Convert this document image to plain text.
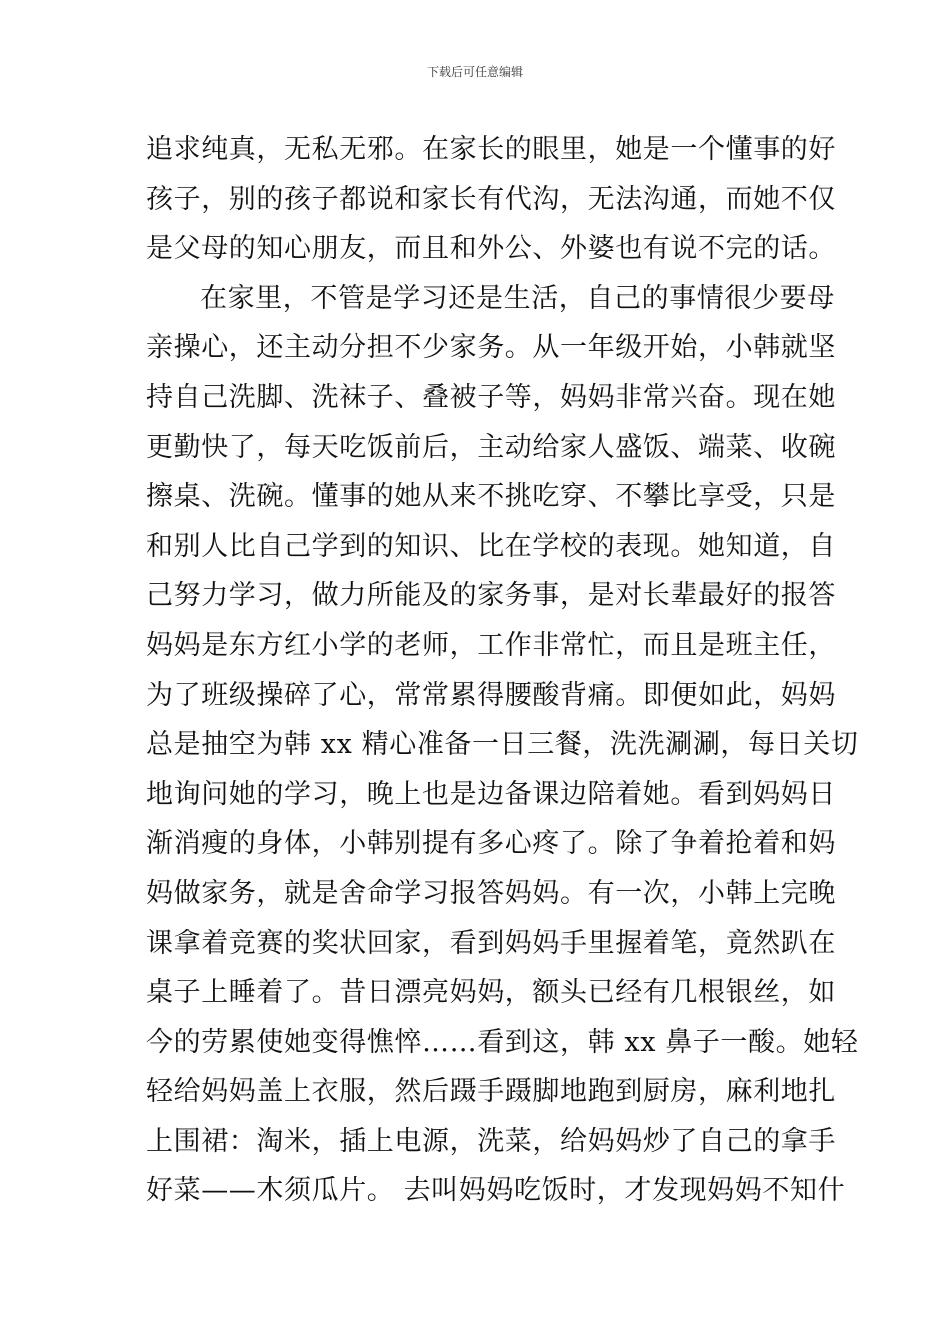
下载后可任意编辑
追求纯真，无私无邪。在家长的眼里，她是一个懂事的好
孩子，别的孩子都说和家长有代沟，无法沟通，而她不仅
是父母的知心朋友，而且和外公、外婆也有说不完的话。
在家里，不管是学习还是生活，自己的事情很少要母
亲操心，还主动分担不少家务。从一年级开始，小韩就坚
持自己洗脚、洗袜子、叠被子等，妈妈非常兴奋。现在她
更勤快了，每天吃饭前后，主动给家人盛饭、端菜、收碗
擦桌、洗碗。懂事的她从来不挑吃穿、不攀比享受，只是
和别人比自己学到的知识、比在学校的表现。她知道，自
己努力学习，做力所能及的家务事，是对长辈最好的报答
妈妈是东方红小学的老师，工作非常忙，而且是班主任，
为了班级操碎了心，常常累得腰酸背痛。即便如此，妈妈
总是抽空为韩 xx 精心准备一日三餐，洗洗涮涮，每日关切
地询问她的学习，晚上也是边备课边陪着她。看到妈妈日
渐消瘦的身体，小韩别提有多心疼了。除了争着抢着和妈
妈做家务，就是舍命学习报答妈妈。有一次，小韩上完晚
课拿着竞赛的奖状回家，看到妈妈手里握着笔，竟然趴在
桌子上睡着了。昔日漂亮妈妈，额头已经有几根银丝，如
今的劳累使她变得憔悴……看到这，韩 xx 鼻子一酸。她轻
轻给妈妈盖上衣服，然后蹑手蹑脚地跑到厨房，麻利地扎
上围裙：淘米，插上电源，洗菜，给妈妈炒了自己的拿手
好菜——木须瓜片。 去叫妈妈吃饭时，才发现妈妈不知什
